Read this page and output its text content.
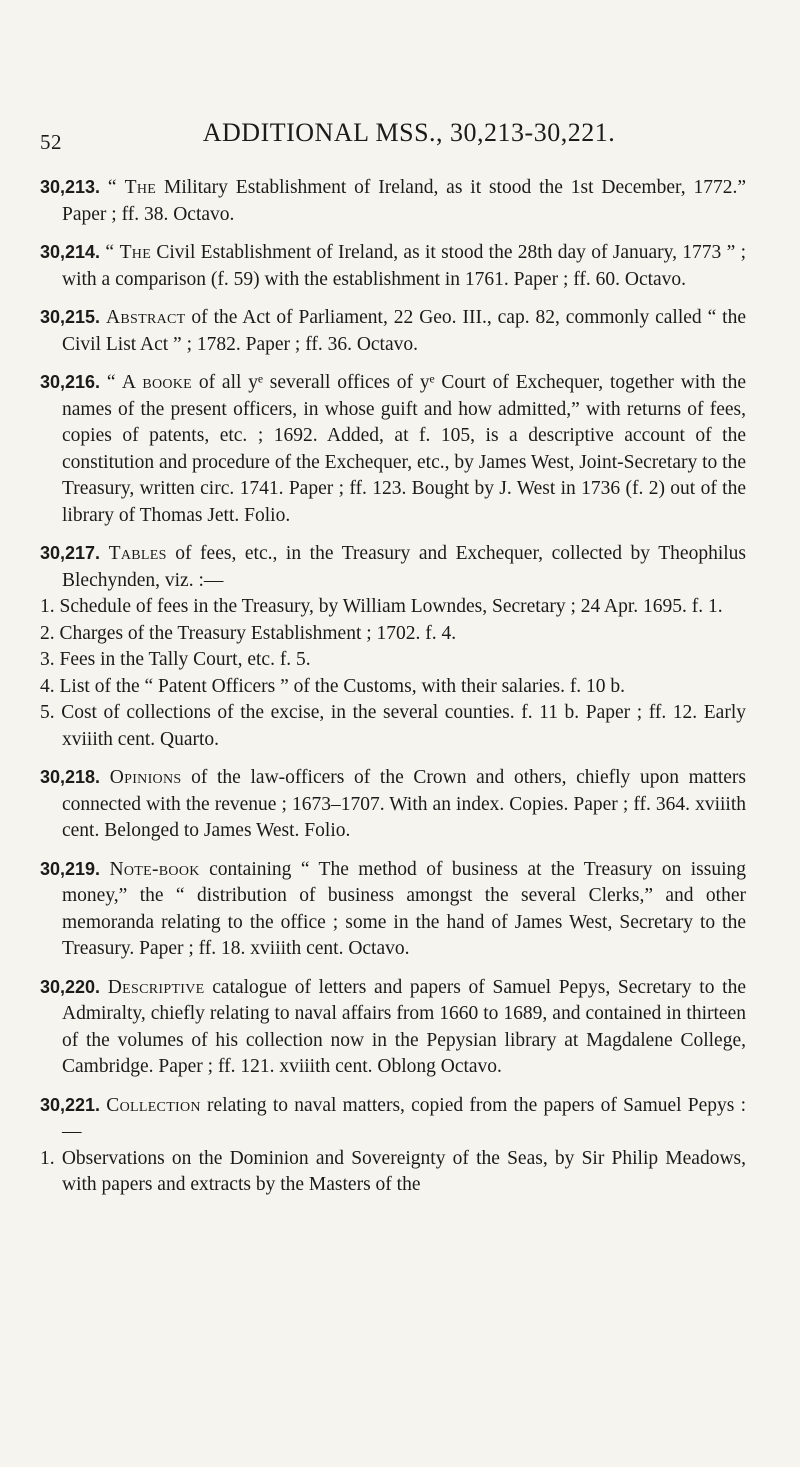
52	ADDITIONAL MSS., 30,213-30,221.

30,213. “ The Military Establishment of Ireland, as it stood the 1st December, 1772.” Paper ; ff. 38. Octavo.

30,214. “ The Civil Establishment of Ireland, as it stood the 28th day of January, 1773 ” ; with a comparison (f. 59) with the establishment in 1761. Paper ; ff. 60. Octavo.

30,215. Abstract of the Act of Parliament, 22 Geo. III., cap. 82, commonly called “ the Civil List Act ” ; 1782. Paper ; ff. 36. Octavo.

30,216. “ A booke of all yᵉ severall offices of yᵉ Court of Exchequer, together with the names of the present officers, in whose guift and how admitted,” with returns of fees, copies of patents, etc. ; 1692. Added, at f. 105, is a descriptive account of the constitution and procedure of the Exchequer, etc., by James West, Joint-Secretary to the Treasury, written circ. 1741. Paper ; ff. 123. Bought by J. West in 1736 (f. 2) out of the library of Thomas Jett. Folio.

30,217. Tables of fees, etc., in the Treasury and Exchequer, collected by Theophilus Blechynden, viz. :—

1. Schedule of fees in the Treasury, by William Lowndes, Secretary ; 24 Apr. 1695. f. 1.

2. Charges of the Treasury Establishment ; 1702. f. 4.

3. Fees in the Tally Court, etc. f. 5.

4. List of the “ Patent Officers ” of the Customs, with their salaries. f. 10 b.

5. Cost of collections of the excise, in the several counties. f. 11 b. Paper ; ff. 12. Early xviiith cent. Quarto.

30,218. Opinions of the law-officers of the Crown and others, chiefly upon matters connected with the revenue ; 1673–1707. With an index. Copies. Paper ; ff. 364. xviiith cent. Belonged to James West. Folio.

30,219. Note-book containing “ The method of business at the Treasury on issuing money,” the “ distribution of business amongst the several Clerks,” and other memoranda relating to the office ; some in the hand of James West, Secretary to the Treasury. Paper ; ff. 18. xviiith cent. Octavo.

30,220. Descriptive catalogue of letters and papers of Samuel Pepys, Secretary to the Admiralty, chiefly relating to naval affairs from 1660 to 1689, and contained in thirteen of the volumes of his collection now in the Pepysian library at Magdalene College, Cambridge. Paper ; ff. 121. xviiith cent. Oblong Octavo.

30,221. Collection relating to naval matters, copied from the papers of Samuel Pepys :—

1. Observations on the Dominion and Sovereignty of the Seas, by Sir Philip Meadows, with papers and extracts by the Masters of the
